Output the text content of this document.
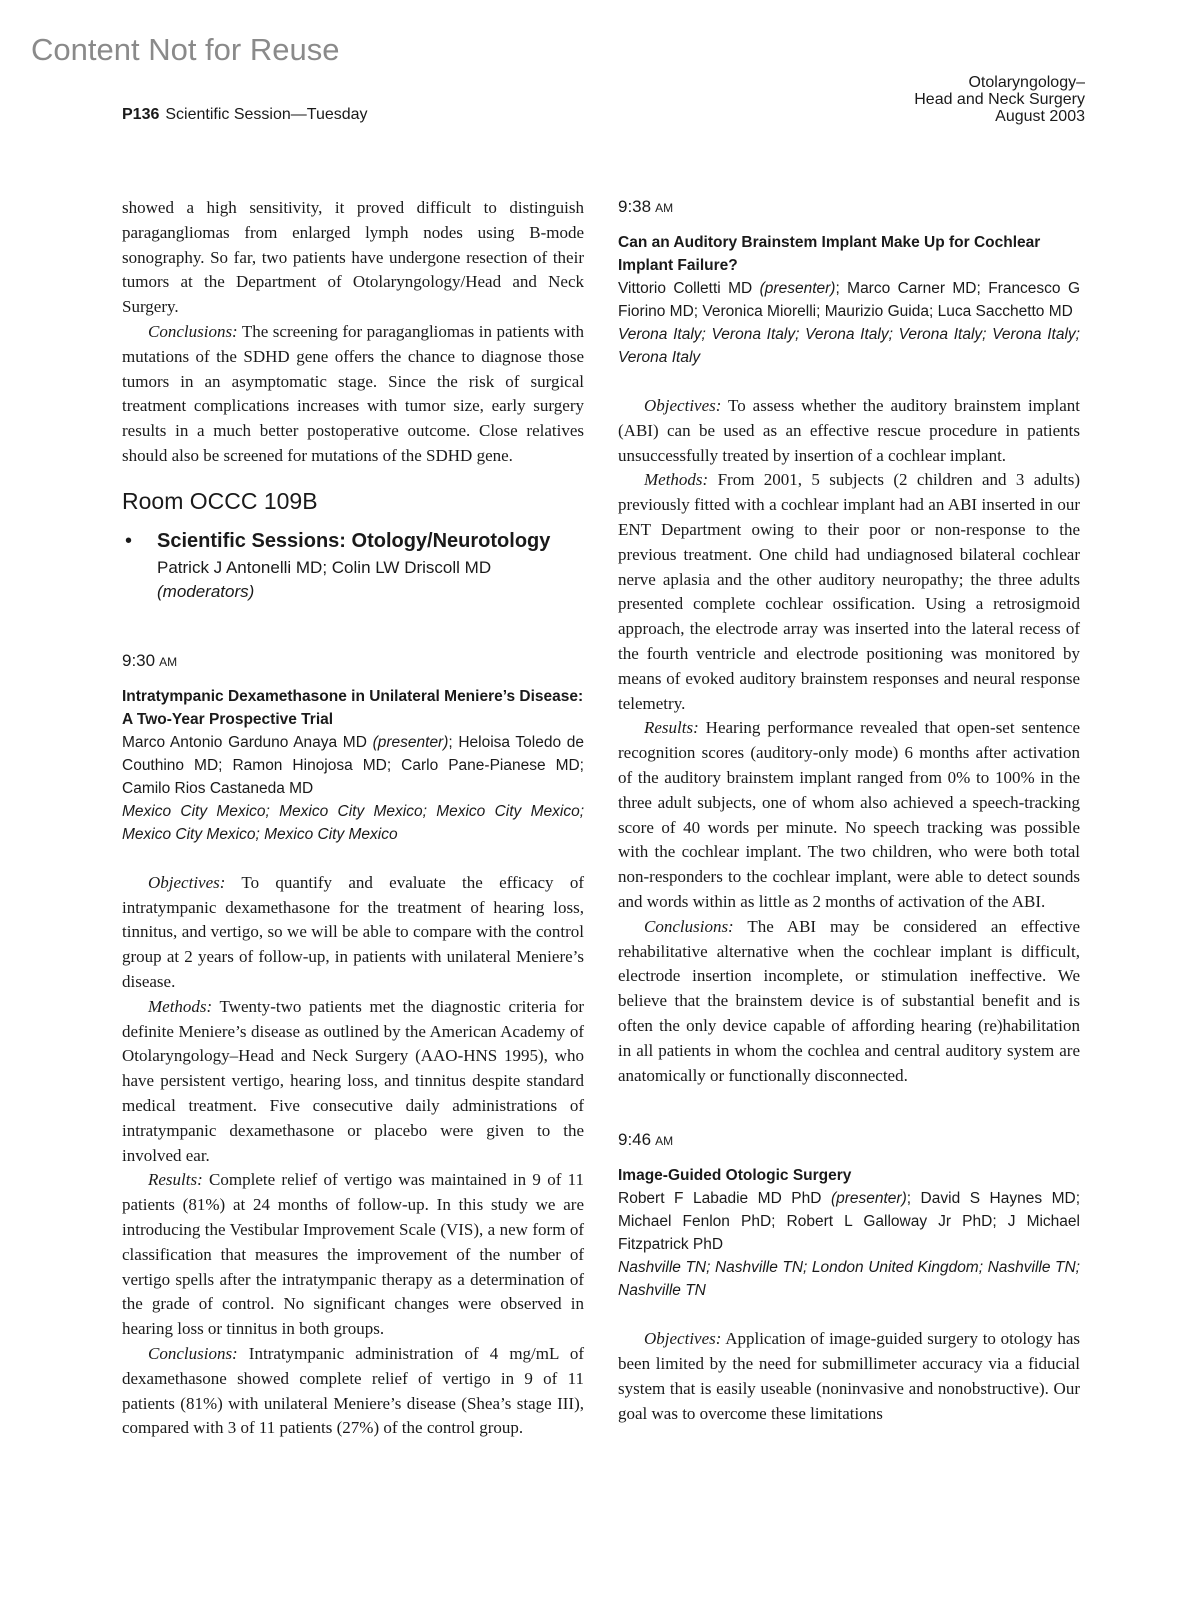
Content Not for Reuse
P136 Scientific Session—Tuesday
Otolaryngology–
Head and Neck Surgery
August 2003

showed a high sensitivity, it proved difficult to distinguish paragangliomas from enlarged lymph nodes using B-mode sonography. So far, two patients have undergone resection of their tumors at the Department of Otolaryngology/Head and Neck Surgery.

Conclusions: The screening for paragangliomas in patients with mutations of the SDHD gene offers the chance to diagnose those tumors in an asymptomatic stage. Since the risk of surgical treatment complications increases with tumor size, early surgery results in a much better postoperative outcome. Close relatives should also be screened for mutations of the SDHD gene.

Room OCCC 109B
• Scientific Sessions: Otology/Neurotology
Patrick J Antonelli MD; Colin LW Driscoll MD
(moderators)
9:30 AM
Intratympanic Dexamethasone in Unilateral Meniere’s Disease: A Two-Year Prospective Trial

Marco Antonio Garduno Anaya MD (presenter); Heloisa Toledo de Couthino MD; Ramon Hinojosa MD; Carlo Pane-Pianese MD; Camilo Rios Castaneda MD

Mexico City Mexico; Mexico City Mexico; Mexico City Mexico; Mexico City Mexico; Mexico City Mexico

Objectives: To quantify and evaluate the efficacy of intratympanic dexamethasone for the treatment of hearing loss, tinnitus, and vertigo, so we will be able to compare with the control group at 2 years of follow-up, in patients with unilateral Meniere’s disease.

Methods: Twenty-two patients met the diagnostic criteria for definite Meniere’s disease as outlined by the American Academy of Otolaryngology–Head and Neck Surgery (AAO-HNS 1995), who have persistent vertigo, hearing loss, and tinnitus despite standard medical treatment. Five consecutive daily administrations of intratympanic dexamethasone or placebo were given to the involved ear.

Results: Complete relief of vertigo was maintained in 9 of 11 patients (81%) at 24 months of follow-up. In this study we are introducing the Vestibular Improvement Scale (VIS), a new form of classification that measures the improvement of the number of vertigo spells after the intratympanic therapy as a determination of the grade of control. No significant changes were observed in hearing loss or tinnitus in both groups.

Conclusions: Intratympanic administration of 4 mg/mL of dexamethasone showed complete relief of vertigo in 9 of 11 patients (81%) with unilateral Meniere’s disease (Shea’s stage III), compared with 3 of 11 patients (27%) of the control group.

9:38 AM
Can an Auditory Brainstem Implant Make Up for Cochlear Implant Failure?

Vittorio Colletti MD (presenter); Marco Carner MD; Francesco G Fiorino MD; Veronica Miorelli; Maurizio Guida; Luca Sacchetto MD

Verona Italy; Verona Italy; Verona Italy; Verona Italy; Verona Italy; Verona Italy

Objectives: To assess whether the auditory brainstem implant (ABI) can be used as an effective rescue procedure in patients unsuccessfully treated by insertion of a cochlear implant.

Methods: From 2001, 5 subjects (2 children and 3 adults) previously fitted with a cochlear implant had an ABI inserted in our ENT Department owing to their poor or non-response to the previous treatment. One child had undiagnosed bilateral cochlear nerve aplasia and the other auditory neuropathy; the three adults presented complete cochlear ossification. Using a retrosigmoid approach, the electrode array was inserted into the lateral recess of the fourth ventricle and electrode positioning was monitored by means of evoked auditory brainstem responses and neural response telemetry.

Results: Hearing performance revealed that open-set sentence recognition scores (auditory-only mode) 6 months after activation of the auditory brainstem implant ranged from 0% to 100% in the three adult subjects, one of whom also achieved a speech-tracking score of 40 words per minute. No speech tracking was possible with the cochlear implant. The two children, who were both total non-responders to the cochlear implant, were able to detect sounds and words within as little as 2 months of activation of the ABI.

Conclusions: The ABI may be considered an effective rehabilitative alternative when the cochlear implant is difficult, electrode insertion incomplete, or stimulation ineffective. We believe that the brainstem device is of substantial benefit and is often the only device capable of affording hearing (re)habilitation in all patients in whom the cochlea and central auditory system are anatomically or functionally disconnected.

9:46 AM
Image-Guided Otologic Surgery

Robert F Labadie MD PhD (presenter); David S Haynes MD; Michael Fenlon PhD; Robert L Galloway Jr PhD; J Michael Fitzpatrick PhD

Nashville TN; Nashville TN; London United Kingdom; Nashville TN; Nashville TN

Objectives: Application of image-guided surgery to otology has been limited by the need for submillimeter accuracy via a fiducial system that is easily useable (noninvasive and nonobstructive). Our goal was to overcome these limitations
